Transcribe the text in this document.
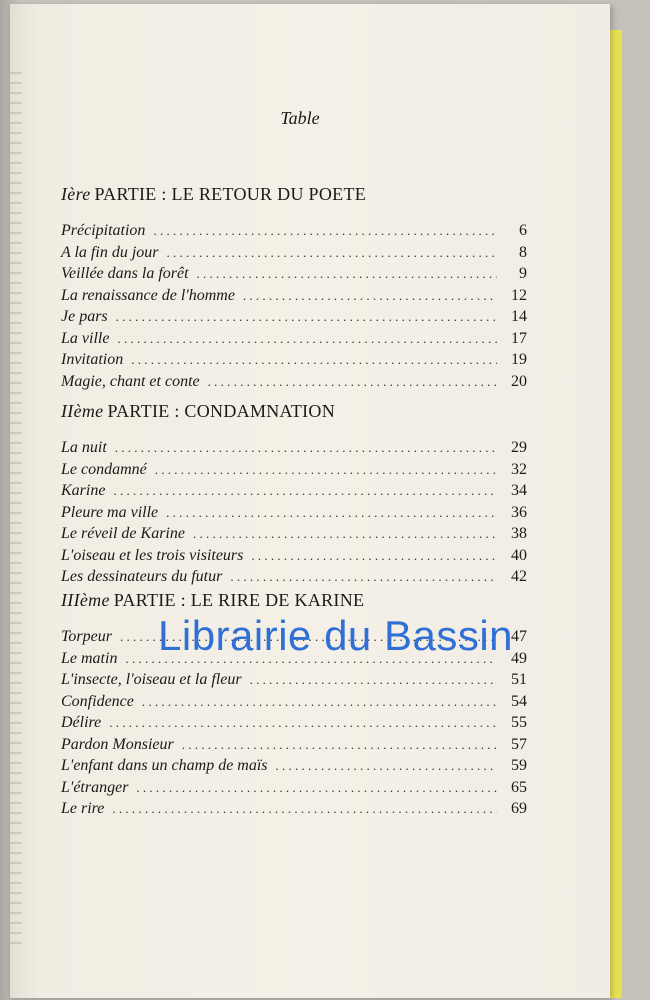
Table
Ière PARTIE : LE RETOUR DU POETE
Précipitation . . .	6
A la fin du jour . . .	8
Veillée dans la forêt . . .	9
La renaissance de l'homme . . .	12
Je pars . . .	14
La ville . . .	17
Invitation . . .	19
Magie, chant et conte . . .	20
IIème PARTIE : CONDAMNATION
La nuit . . .	29
Le condamné . . .	32
Karine . . .	34
Pleure ma ville . . .	36
Le réveil de Karine . . .	38
L'oiseau et les trois visiteurs . . .	40
Les dessinateurs du futur . . .	42
IIIème PARTIE : LE RIRE DE KARINE
Torpeur . . .	47
Le matin . . .	49
L'insecte, l'oiseau et la fleur . . .	51
Confidence . . .	54
Délire . . .	55
Pardon Monsieur . . .	57
L'enfant dans un champ de maïs . . .	59
L'étranger . . .	65
Le rire . . .	69
Librairie du Bassin
